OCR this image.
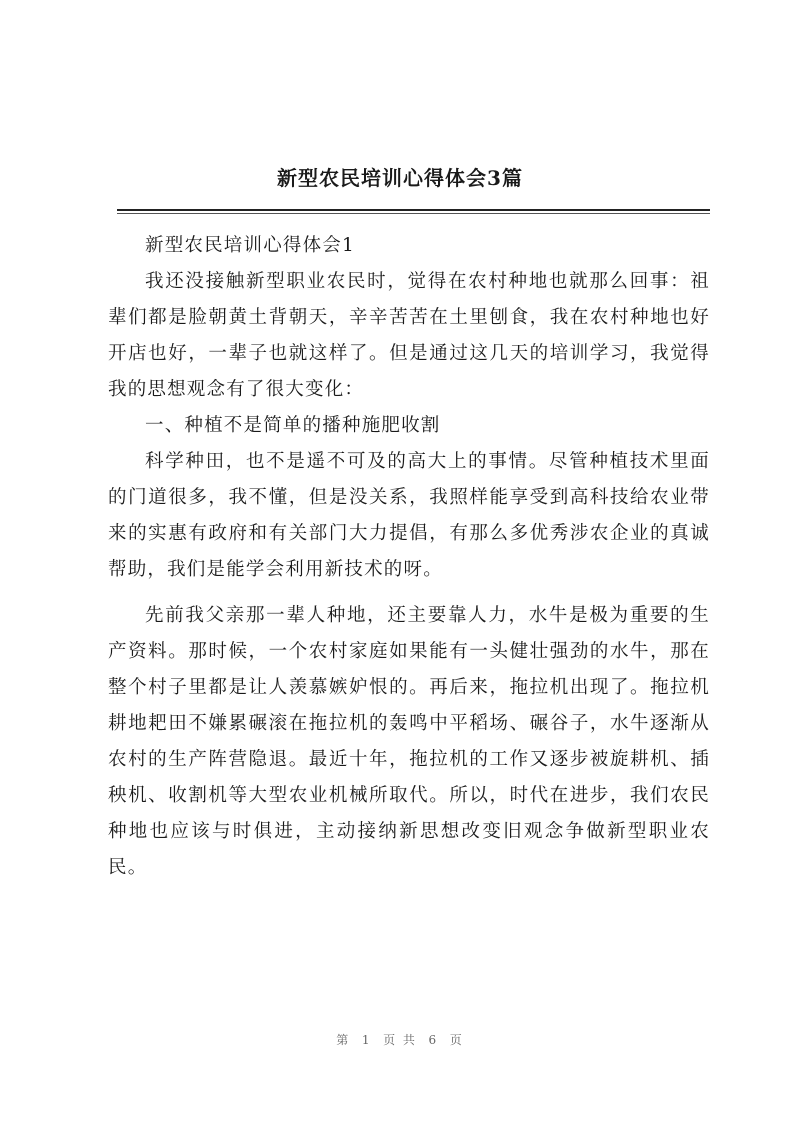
新型农民培训心得体会3篇

新型农民培训心得体会1

我还没接触新型职业农民时，觉得在农村种地也就那么回事：祖辈们都是脸朝黄土背朝天，辛辛苦苦在土里刨食，我在农村种地也好开店也好，一辈子也就这样了。但是通过这几天的培训学习，我觉得我的思想观念有了很大变化：

一、种植不是简单的播种施肥收割

科学种田，也不是遥不可及的高大上的事情。尽管种植技术里面的门道很多，我不懂，但是没关系，我照样能享受到高科技给农业带来的实惠有政府和有关部门大力提倡，有那么多优秀涉农企业的真诚帮助，我们是能学会利用新技术的呀。

先前我父亲那一辈人种地，还主要靠人力，水牛是极为重要的生产资料。那时候，一个农村家庭如果能有一头健壮强劲的水牛，那在整个村子里都是让人羡慕嫉妒恨的。再后来，拖拉机出现了。拖拉机耕地耙田不嫌累碾滚在拖拉机的轰鸣中平稻场、碾谷子，水牛逐渐从农村的生产阵营隐退。最近十年，拖拉机的工作又逐步被旋耕机、插秧机、收割机等大型农业机械所取代。所以，时代在进步，我们农民种地也应该与时俱进，主动接纳新思想改变旧观念争做新型职业农民。

第  1  页 共  6  页
